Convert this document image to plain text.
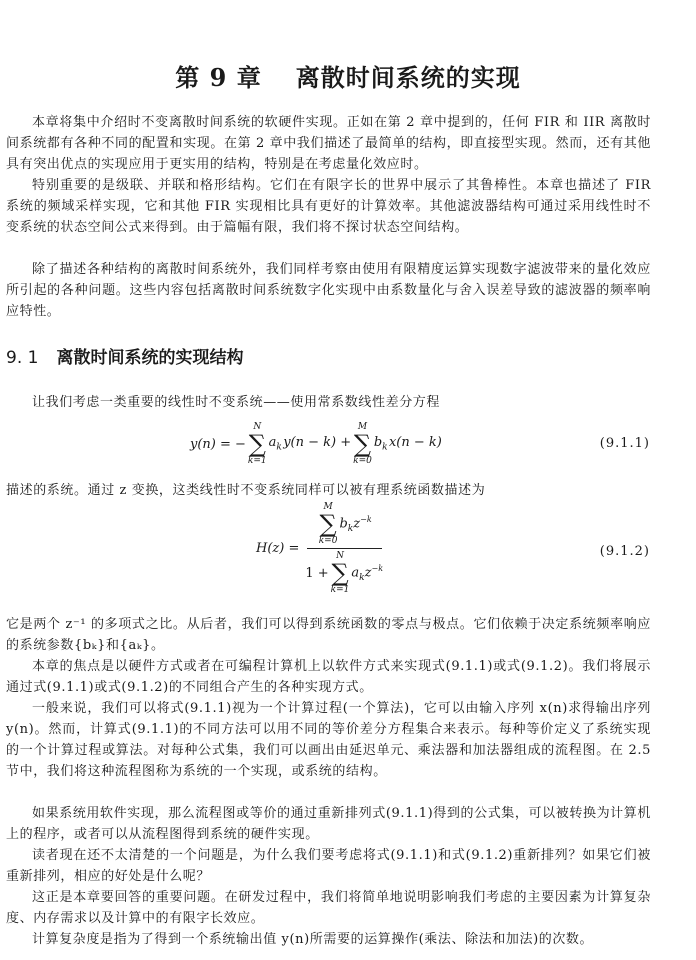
第 9 章 离散时间系统的实现

本章将集中介绍时不变离散时间系统的软硬件实现。正如在第 2 章中提到的，任何 FIR 和 IIR 离散时间系统都有各种不同的配置和实现。在第 2 章中我们描述了最简单的结构，即直接型实现。然而，还有其他具有突出优点的实现应用于更实用的结构，特别是在考虑量化效应时。

特别重要的是级联、并联和格形结构。它们在有限字长的世界中展示了其鲁棒性。本章也描述了 FIR 系统的频域采样实现，它和其他 FIR 实现相比具有更好的计算效率。其他滤波器结构可通过采用线性时不变系统的状态空间公式来得到。由于篇幅有限，我们将不探讨状态空间结构。

除了描述各种结构的离散时间系统外，我们同样考察由使用有限精度运算实现数字滤波带来的量化效应所引起的各种问题。这些内容包括离散时间系统数字化实现中由系数量化与舍入误差导致的滤波器的频率响应特性。

9. 1 离散时间系统的实现结构

让我们考虑一类重要的线性时不变系统——使用常系数线性差分方程

y(n) = −
N
∑
k=1
$a_k$ y(n − k) +
M
∑
k=0
$b_k$ x(n − k)	(9.1.1)

描述的系统。通过 z 变换，这类线性时不变系统同样可以被有理系统函数描述为

H(z) =
M
∑
k=0
$b_kz^{-k}$
1 +
N
∑
k=1
$a_kz^{-k}$
(9.1.2)

它是两个 z⁻¹ 的多项式之比。从后者，我们可以得到系统函数的零点与极点。它们依赖于决定系统频率响应的系统参数{bₖ}和{aₖ}。

本章的焦点是以硬件方式或者在可编程计算机上以软件方式来实现式(9.1.1)或式(9.1.2)。我们将展示通过式(9.1.1)或式(9.1.2)的不同组合产生的各种实现方式。

一般来说，我们可以将式(9.1.1)视为一个计算过程(一个算法)，它可以由输入序列 x(n)求得输出序列 y(n)。然而，计算式(9.1.1)的不同方法可以用不同的等价差分方程集合来表示。每种等价定义了系统实现的一个计算过程或算法。对每种公式集，我们可以画出由延迟单元、乘法器和加法器组成的流程图。在 2.5 节中，我们将这种流程图称为系统的一个实现，或系统的结构。

如果系统用软件实现，那么流程图或等价的通过重新排列式(9.1.1)得到的公式集，可以被转换为计算机上的程序，或者可以从流程图得到系统的硬件实现。

读者现在还不太清楚的一个问题是，为什么我们要考虑将式(9.1.1)和式(9.1.2)重新排列？如果它们被重新排列，相应的好处是什么呢？

这正是本章要回答的重要问题。在研发过程中，我们将简单地说明影响我们考虑的主要因素为计算复杂度、内存需求以及计算中的有限字长效应。

计算复杂度是指为了得到一个系统输出值 y(n)所需要的运算操作(乘法、除法和加法)的次数。
